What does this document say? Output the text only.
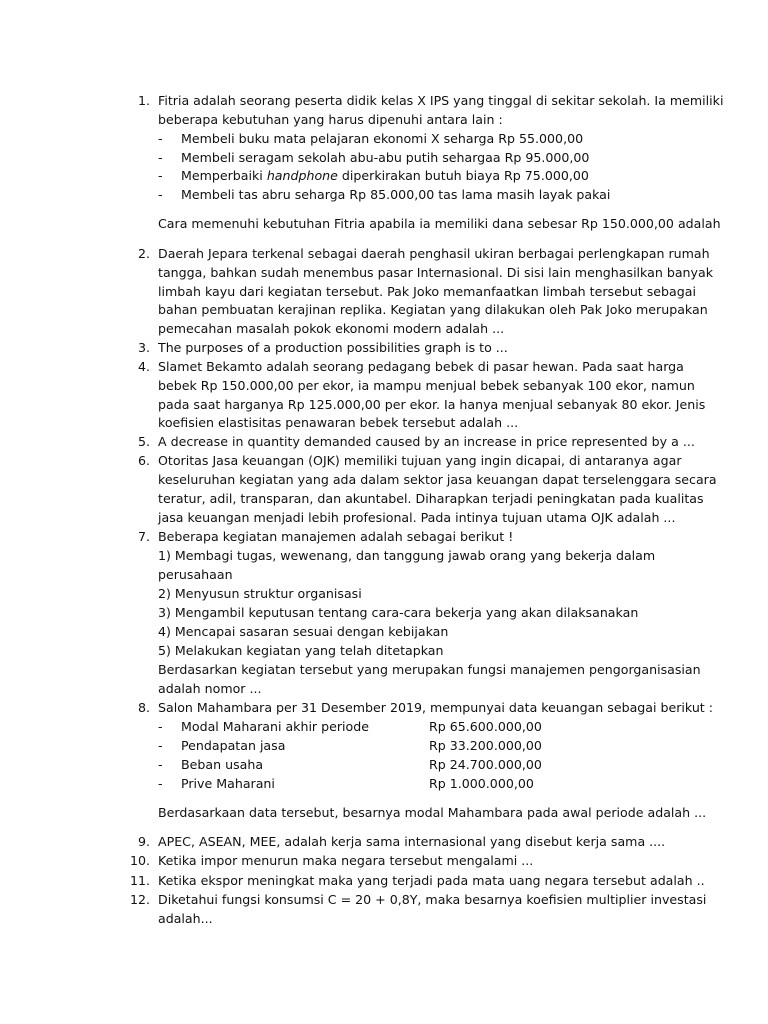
1. Fitria adalah seorang peserta didik kelas X IPS yang tinggal di sekitar sekolah. Ia memiliki
beberapa kebutuhan yang harus dipenuhi antara lain :
- Membeli buku mata pelajaran ekonomi X seharga Rp 55.000,00
- Membeli seragam sekolah abu-abu putih sehargaa Rp 95.000,00
- Memperbaiki handphone diperkirakan butuh biaya Rp 75.000,00
- Membeli tas abru seharga Rp 85.000,00 tas lama masih layak pakai
Cara memenuhi kebutuhan Fitria apabila ia memiliki dana sebesar Rp 150.000,00 adalah
2. Daerah Jepara terkenal sebagai daerah penghasil ukiran berbagai perlengkapan rumah
tangga, bahkan sudah menembus pasar Internasional. Di sisi lain menghasilkan banyak
limbah kayu dari kegiatan tersebut. Pak Joko memanfaatkan limbah tersebut sebagai
bahan pembuatan kerajinan replika. Kegiatan yang dilakukan oleh Pak Joko merupakan
pemecahan masalah pokok ekonomi modern adalah ...
3. The purposes of a production possibilities graph is to ...
4. Slamet Bekamto adalah seorang pedagang bebek di pasar hewan. Pada saat harga
bebek Rp 150.000,00 per ekor, ia mampu menjual bebek sebanyak 100 ekor, namun
pada saat harganya Rp 125.000,00 per ekor. Ia hanya menjual sebanyak 80 ekor. Jenis
koefisien elastisitas penawaran bebek tersebut adalah ...
5. A decrease in quantity demanded caused by an increase in price represented by a ...
6. Otoritas Jasa keuangan (OJK) memiliki tujuan yang ingin dicapai, di antaranya agar
keseluruhan kegiatan yang ada dalam sektor jasa keuangan dapat terselenggara secara
teratur, adil, transparan, dan akuntabel. Diharapkan terjadi peningkatan pada kualitas
jasa keuangan menjadi lebih profesional. Pada intinya tujuan utama OJK adalah ...
7. Beberapa kegiatan manajemen adalah sebagai berikut !
1) Membagi tugas, wewenang, dan tanggung jawab orang yang bekerja dalam
perusahaan
2) Menyusun struktur organisasi
3) Mengambil keputusan tentang cara-cara bekerja yang akan dilaksanakan
4) Mencapai sasaran sesuai dengan kebijakan
5) Melakukan kegiatan yang telah ditetapkan
Berdasarkan kegiatan tersebut yang merupakan fungsi manajemen pengorganisasian
adalah nomor ...
8. Salon Mahambara per 31 Desember 2019, mempunyai data keuangan sebagai berikut :
- Modal Maharani akhir periode	Rp 65.600.000,00
- Pendapatan jasa	Rp 33.200.000,00
- Beban usaha	Rp 24.700.000,00
- Prive Maharani	Rp 1.000.000,00
Berdasarkaan data tersebut, besarnya modal Mahambara pada awal periode adalah ...
9. APEC, ASEAN, MEE, adalah kerja sama internasional yang disebut kerja sama ....
10. Ketika impor menurun maka negara tersebut mengalami ...
11. Ketika ekspor meningkat maka yang terjadi pada mata uang negara tersebut adalah ..
12. Diketahui fungsi konsumsi C = 20 + 0,8Y, maka besarnya koefisien multiplier investasi
adalah...
